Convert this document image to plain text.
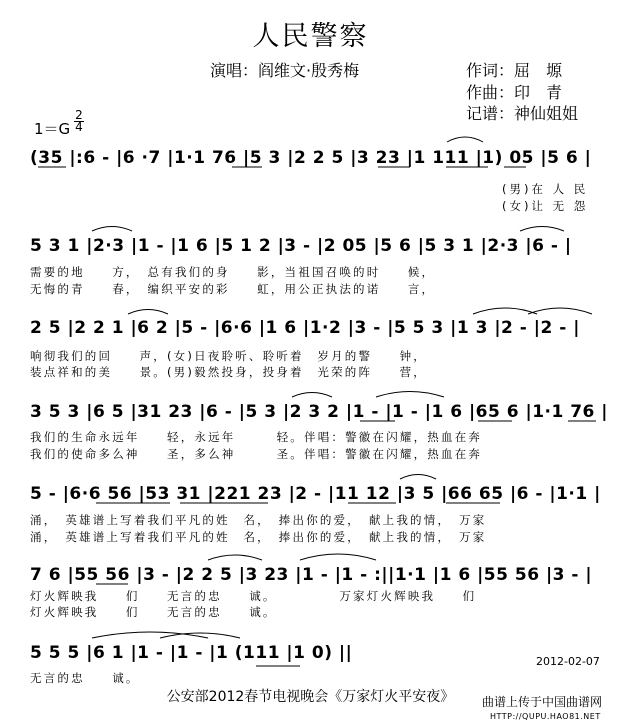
人民警察
演唱：阎维文·殷秀梅	作词：屈　塬
作曲：印　青
记谱：神仙姐姐
1＝G
2
4
(35 |:6 - |6 ·7 |1·1 76 |5 3 |2 2 5 |3 23 |1 111 |1) 05 |5 6 |
(男)在 人 民
(女)让 无 怨
5 3 1 |2·3 |1 - |1 6 |5 1 2 |3 - |2 05 |5 6 |5 3 1 |2·3 |6 - |
需要的地　　方，　总有我们的身　　影，当祖国召唤的时　　候，
无悔的青　　春，　编织平安的彩　　虹，用公正执法的诺　　言，
2 5 |2 2 1 |6 2 |5 - |6·6 |1 6 |1·2 |3 - |5 5 3 |1 3 |2 - |2 - |
响彻我们的回　　声，(女)日夜聆听、聆听着　岁月的警　　钟，
装点祥和的美　　景。(男)毅然投身，投身着　光荣的阵　　营，
3 5 3 |6 5 |31 23 |6 - |5 3 |2 3 2 |1 - |1 - |1 6 |65 6 |1·1 76 |
我们的生命永远年　　轻，永远年　　　轻。伴唱：警徽在闪耀，热血在奔
我们的使命多么神　　圣，多么神　　　圣。伴唱：警徽在闪耀，热血在奔
5 - |6·6 56 |53 31 |221 23 |2 - |11 12 |3 5 |66 65 |6 - |1·1 |
涌，　英雄谱上写着我们平凡的姓　名，　捧出你的爱，　献上我的情，　万家
涌，　英雄谱上写着我们平凡的姓　名，　捧出你的爱，　献上我的情，　万家
7 6 |55 56 |3 - |2 2 5 |3 23 |1 - |1 - :||1·1 |1 6 |55 56 |3 - |
灯火辉映我　　们　　无言的忠　　诚。　　　　　万家灯火辉映我　　们
灯火辉映我　　们　　无言的忠　　诚。
5 5 5 |6 1 |1 - |1 - |1 (111 |1 0) ||
无言的忠　　诚。
2012-02-07
公安部2012春节电视晚会《万家灯火平安夜》	曲谱上传于中国曲谱网
HTTP://QUPU.HAO81.NET
